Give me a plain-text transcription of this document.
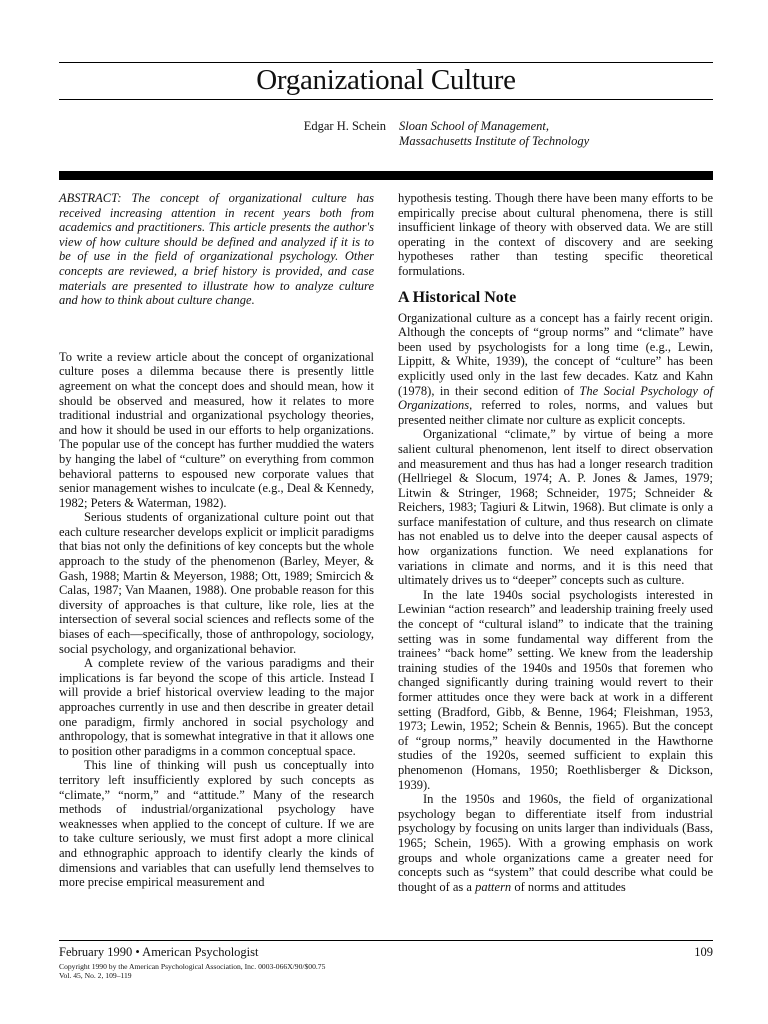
Organizational Culture
Edgar H. Schein Sloan School of Management,
Massachusetts Institute of Technology

ABSTRACT: The concept of organizational culture has received increasing attention in recent years both from academics and practitioners. This article presents the author's view of how culture should be defined and analyzed if it is to be of use in the field of organizational psychology. Other concepts are reviewed, a brief history is provided, and case materials are presented to illustrate how to analyze culture and how to think about culture change.

To write a review article about the concept of organizational culture poses a dilemma because there is presently little agreement on what the concept does and should mean, how it should be observed and measured, how it relates to more traditional industrial and organizational psychology theories, and how it should be used in our efforts to help organizations. The popular use of the concept has further muddied the waters by hanging the label of “culture” on everything from common behavioral patterns to espoused new corporate values that senior management wishes to inculcate (e.g., Deal & Kennedy, 1982; Peters & Waterman, 1982).

Serious students of organizational culture point out that each culture researcher develops explicit or implicit paradigms that bias not only the definitions of key concepts but the whole approach to the study of the phenomenon (Barley, Meyer, & Gash, 1988; Martin & Meyerson, 1988; Ott, 1989; Smircich & Calas, 1987; Van Maanen, 1988). One probable reason for this diversity of approaches is that culture, like role, lies at the intersection of several social sciences and reflects some of the biases of each—specifically, those of anthropology, sociology, social psychology, and organizational behavior.

A complete review of the various paradigms and their implications is far beyond the scope of this article. Instead I will provide a brief historical overview leading to the major approaches currently in use and then describe in greater detail one paradigm, firmly anchored in social psychology and anthropology, that is somewhat integrative in that it allows one to position other paradigms in a common conceptual space.

This line of thinking will push us conceptually into territory left insufficiently explored by such concepts as “climate,” “norm,” and “attitude.” Many of the research methods of industrial/organizational psychology have weaknesses when applied to the concept of culture. If we are to take culture seriously, we must first adopt a more clinical and ethnographic approach to identify clearly the kinds of dimensions and variables that can usefully lend themselves to more precise empirical measurement and

hypothesis testing. Though there have been many efforts to be empirically precise about cultural phenomena, there is still insufficient linkage of theory with observed data. We are still operating in the context of discovery and are seeking hypotheses rather than testing specific theoretical formulations.

A Historical Note

Organizational culture as a concept has a fairly recent origin. Although the concepts of “group norms” and “climate” have been used by psychologists for a long time (e.g., Lewin, Lippitt, & White, 1939), the concept of “culture” has been explicitly used only in the last few decades. Katz and Kahn (1978), in their second edition of The Social Psychology of Organizations, referred to roles, norms, and values but presented neither climate nor culture as explicit concepts.

Organizational “climate,” by virtue of being a more salient cultural phenomenon, lent itself to direct observation and measurement and thus has had a longer research tradition (Hellriegel & Slocum, 1974; A. P. Jones & James, 1979; Litwin & Stringer, 1968; Schneider, 1975; Schneider & Reichers, 1983; Tagiuri & Litwin, 1968). But climate is only a surface manifestation of culture, and thus research on climate has not enabled us to delve into the deeper causal aspects of how organizations function. We need explanations for variations in climate and norms, and it is this need that ultimately drives us to “deeper” concepts such as culture.

In the late 1940s social psychologists interested in Lewinian “action research” and leadership training freely used the concept of “cultural island” to indicate that the training setting was in some fundamental way different from the trainees’ “back home” setting. We knew from the leadership training studies of the 1940s and 1950s that foremen who changed significantly during training would revert to their former attitudes once they were back at work in a different setting (Bradford, Gibb, & Benne, 1964; Fleishman, 1953, 1973; Lewin, 1952; Schein & Bennis, 1965). But the concept of “group norms,” heavily documented in the Hawthorne studies of the 1920s, seemed sufficient to explain this phenomenon (Homans, 1950; Roethlisberger & Dickson, 1939).

In the 1950s and 1960s, the field of organizational psychology began to differentiate itself from industrial psychology by focusing on units larger than individuals (Bass, 1965; Schein, 1965). With a growing emphasis on work groups and whole organizations came a greater need for concepts such as “system” that could describe what could be thought of as a pattern of norms and attitudes

February 1990 • American Psychologist	109
Copyright 1990 by the American Psychological Association, Inc. 0003-066X/90/$00.75
Vol. 45, No. 2, 109–119
